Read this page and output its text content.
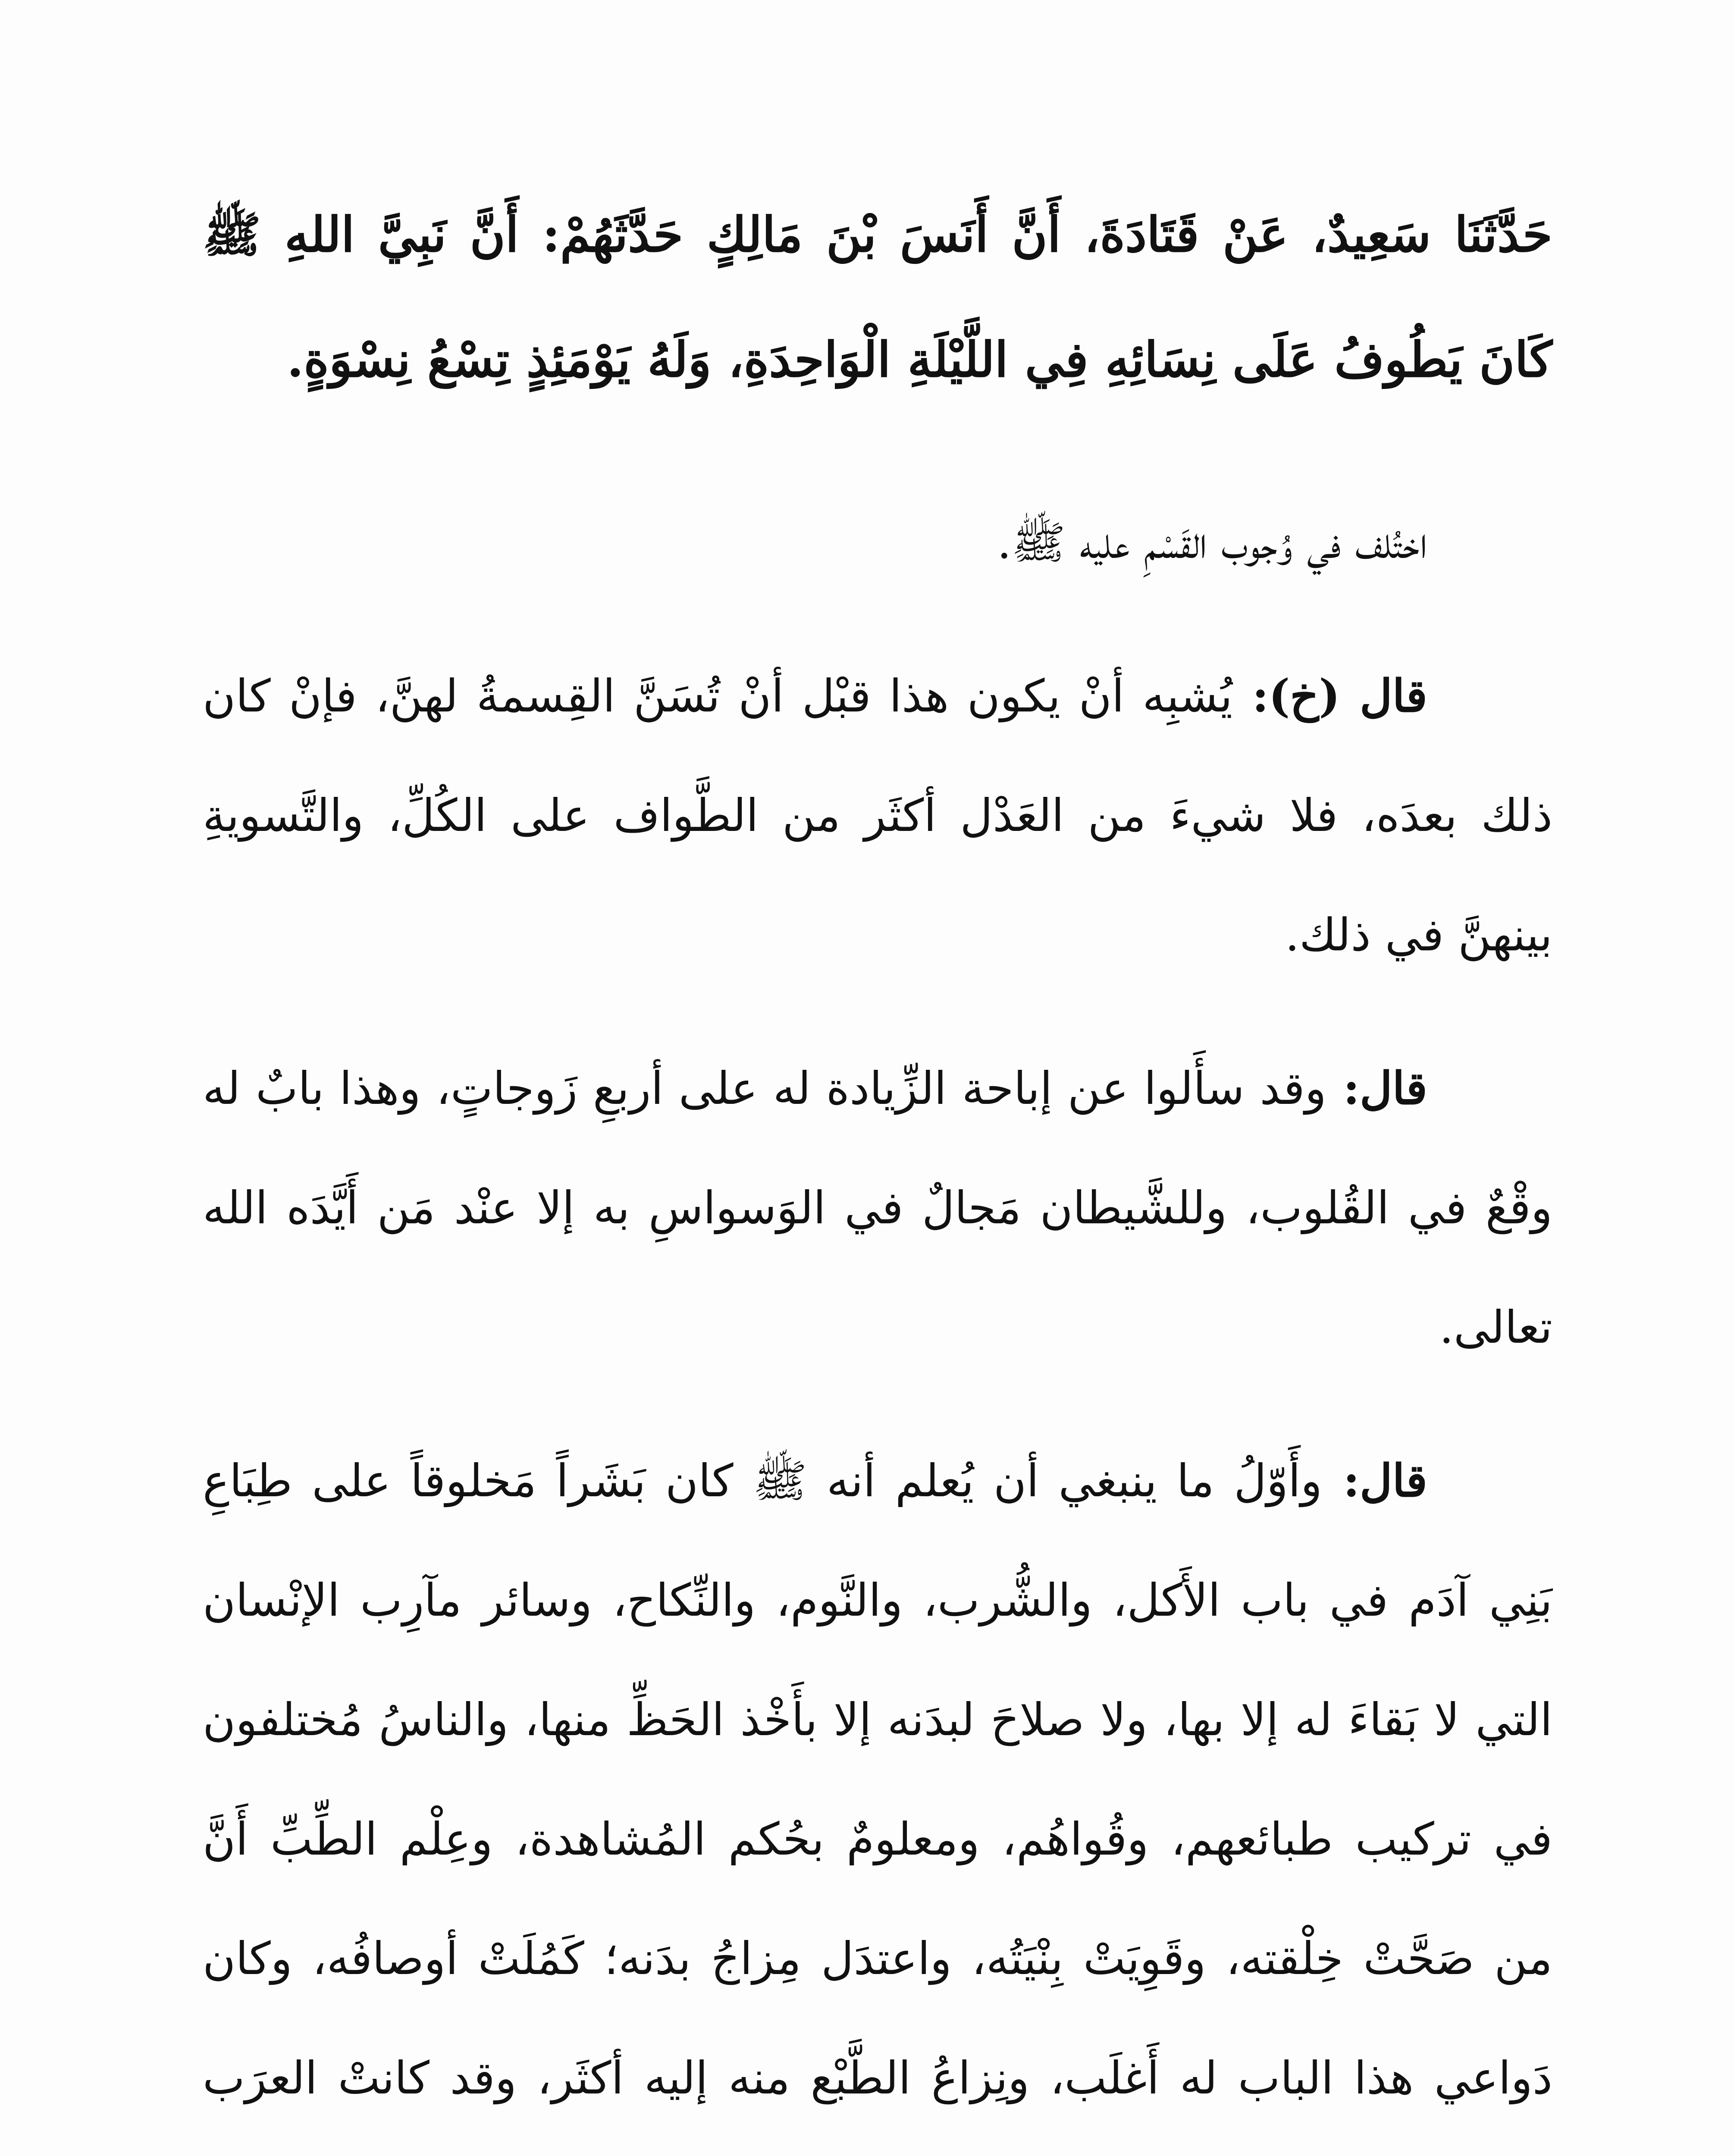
حَدَّثَنَا سَعِيدٌ، عَنْ قَتَادَةَ، أَنَّ أَنَسَ بْنَ مَالِكٍ حَدَّثَهُمْ: أَنَّ نَبِيَّ اللهِ ﷺ كَانَ يَطُوفُ عَلَى نِسَائِهِ فِي اللَّيْلَةِ الْوَاحِدَةِ، وَلَهُ يَوْمَئِذٍ تِسْعُ نِسْوَةٍ.

اختُلف في وُجوب القَسْمِ عليه ﷺ.

قال (خ): يُشبِه أنْ يكون هذا قبْل أنْ تُسَنَّ القِسمةُ لهنَّ، فإنْ كان ذلك بعدَه، فلا شيءَ من العَدْل أكثَر من الطَّواف على الكُلِّ، والتَّسويةِ بينهنَّ في ذلك.

قال: وقد سأَلوا عن إباحة الزِّيادة له على أربعِ زَوجاتٍ، وهذا بابٌ له وقْعٌ في القُلوب، وللشَّيطان مَجالٌ في الوَسواسِ به إلا عنْد مَن أَيَّدَه الله تعالى.

قال: وأَوّلُ ما ينبغي أن يُعلم أنه ﷺ كان بَشَراً مَخلوقاً على طِبَاعِ بَنِي آدَم في باب الأَكل، والشُّرب، والنَّوم، والنِّكاح، وسائر مآرِب الإنْسان التي لا بَقاءَ له إلا بها، ولا صلاحَ لبدَنه إلا بأَخْذ الحَظِّ منها، والناسُ مُختلفون في تركيب طبائعهم، وقُواهُم، ومعلومٌ بحُكم المُشاهدة، وعِلْم الطِّبِّ أَنَّ من صَحَّتْ خِلْقته، وقَوِيَتْ بِنْيَتُه، واعتدَل مِزاجُ بدَنه؛ كَمُلَتْ أوصافُه، وكان دَواعي هذا الباب له أَغلَب، ونِزاعُ الطَّبْع منه إليه أكثَر، وقد كانتْ العرَب
